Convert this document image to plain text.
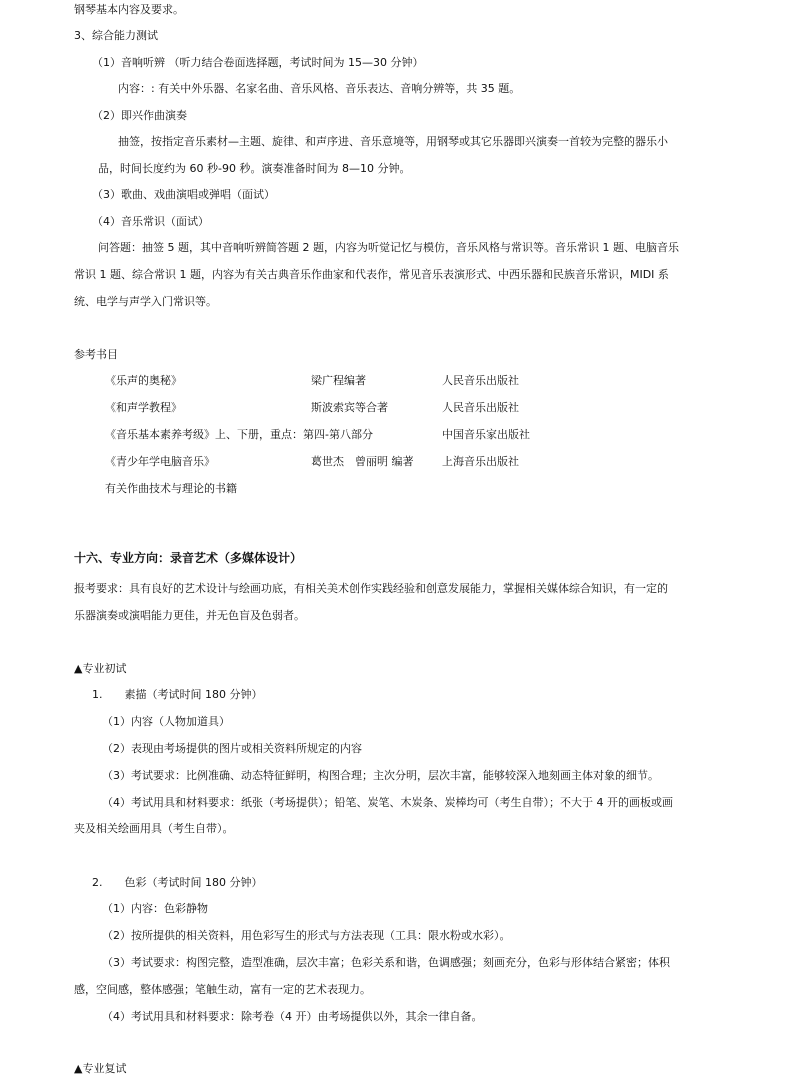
钢琴基本内容及要求。
3、综合能力测试
（1）音响听辨 （听力结合卷面选择题，考试时间为 15—30 分钟）
内容：: 有关中外乐器、名家名曲、音乐风格、音乐表达、音响分辨等，共 35 题。
（2）即兴作曲演奏
抽签，按指定音乐素材—主题、旋律、和声序进、音乐意境等，用钢琴或其它乐器即兴演奏一首较为完整的器乐小
品，时间长度约为 60 秒-90 秒。演奏准备时间为 8—10 分钟。
（3）歌曲、戏曲演唱或弹唱（面试）
（4）音乐常识（面试）
问答题：抽签 5 题，其中音响听辨简答题 2 题，内容为听觉记忆与模仿，音乐风格与常识等。音乐常识 1 题、电脑音乐
常识 1 题、综合常识 1 题，内容为有关古典音乐作曲家和代表作，常见音乐表演形式、中西乐器和民族音乐常识，MIDI 系
统、电学与声学入门常识等。
参考书目
《乐声的奥秘》	梁广程编著	人民音乐出版社
《和声学教程》	斯波索宾等合著	人民音乐出版社
《音乐基本素养考级》上、下册，重点：第四-第八部分	中国音乐家出版社
《青少年学电脑音乐》	葛世杰　曾丽明 编著	上海音乐出版社
有关作曲技术与理论的书籍
十六、专业方向：录音艺术（多媒体设计）
报考要求：具有良好的艺术设计与绘画功底，有相关美术创作实践经验和创意发展能力，掌握相关媒体综合知识，有一定的
乐器演奏或演唱能力更佳，并无色盲及色弱者。
▲专业初试
1.　　素描（考试时间 180 分钟）
（1）内容（人物加道具）
（2）表现由考场提供的图片或相关资料所规定的内容
（3）考试要求：比例准确、动态特征鲜明，构图合理；主次分明，层次丰富，能够较深入地刻画主体对象的细节。
（4）考试用具和材料要求：纸张（考场提供）；铅笔、炭笔、木炭条、炭棒均可（考生自带）；不大于 4 开的画板或画
夹及相关绘画用具（考生自带）。
2.　　色彩（考试时间 180 分钟）
（1）内容：色彩静物
（2）按所提供的相关资料，用色彩写生的形式与方法表现（工具：限水粉或水彩）。
（3）考试要求：构图完整，造型准确，层次丰富；色彩关系和谐，色调感强；刻画充分，色彩与形体结合紧密；体积
感，空间感，整体感强；笔触生动，富有一定的艺术表现力。
（4）考试用具和材料要求：除考卷（4 开）由考场提供以外，其余一律自备。
▲专业复试
